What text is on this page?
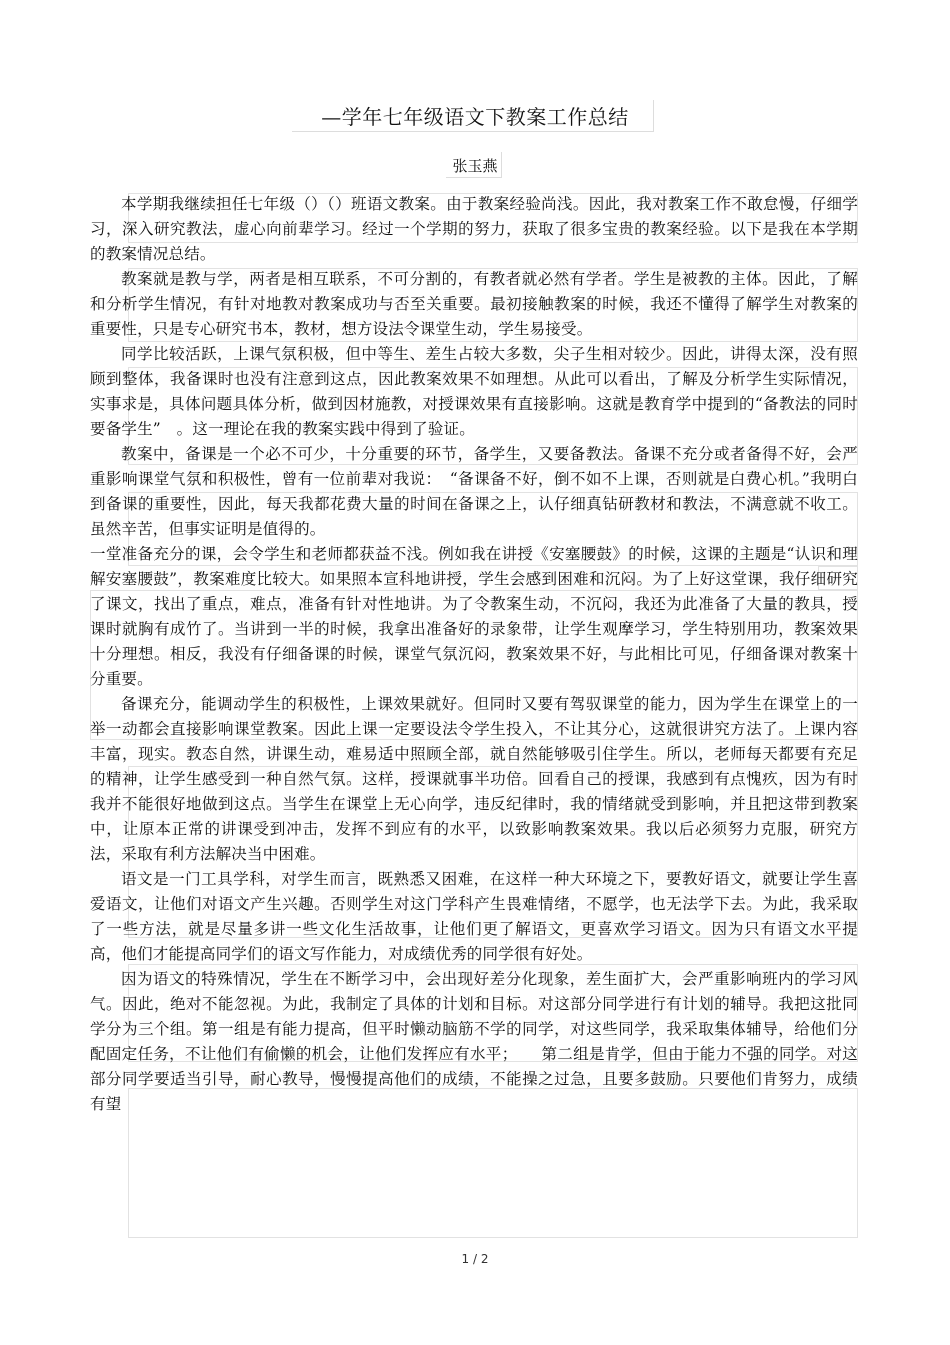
—学年七年级语文下教案工作总结
张玉燕

本学期我继续担任七年级（）（）班语文教案。由于教案经验尚浅。因此，我对教案工作不敢怠慢，仔细学习，深入研究教法，虚心向前辈学习。经过一个学期的努力，获取了很多宝贵的教案经验。以下是我在本学期的教案情况总结。

教案就是教与学，两者是相互联系，不可分割的，有教者就必然有学者。学生是被教的主体。因此，了解和分析学生情况，有针对地教对教案成功与否至关重要。最初接触教案的时候，我还不懂得了解学生对教案的重要性，只是专心研究书本，教材，想方设法令课堂生动，学生易接受。

同学比较活跃，上课气氛积极，但中等生、差生占较大多数，尖子生相对较少。因此，讲得太深，没有照顾到整体，我备课时也没有注意到这点，因此教案效果不如理想。从此可以看出，了解及分析学生实际情况，实事求是，具体问题具体分析，做到因材施教，对授课效果有直接影响。这就是教育学中提到的“备教法的同时要备学生”　。这一理论在我的教案实践中得到了验证。

教案中，备课是一个必不可少，十分重要的环节，备学生，又要备教法。备课不充分或者备得不好，会严重影响课堂气氛和积极性，曾有一位前辈对我说：　“备课备不好，倒不如不上课，否则就是白费心机。”我明白到备课的重要性，因此，每天我都花费大量的时间在备课之上，认仔细真钻研教材和教法，不满意就不收工。虽然辛苦，但事实证明是值得的。

一堂准备充分的课，会令学生和老师都获益不浅。例如我在讲授《安塞腰鼓》的时候，这课的主题是“认识和理解安塞腰鼓”，教案难度比较大。如果照本宣科地讲授，学生会感到困难和沉闷。为了上好这堂课，我仔细研究了课文，找出了重点，难点，准备有针对性地讲。为了令教案生动，不沉闷，我还为此准备了大量的教具，授课时就胸有成竹了。当讲到一半的时候，我拿出准备好的录象带，让学生观摩学习，学生特别用功，教案效果十分理想。相反，我没有仔细备课的时候，课堂气氛沉闷，教案效果不好，与此相比可见，仔细备课对教案十分重要。

备课充分，能调动学生的积极性，上课效果就好。但同时又要有驾驭课堂的能力，因为学生在课堂上的一举一动都会直接影响课堂教案。因此上课一定要设法令学生投入，不让其分心，这就很讲究方法了。上课内容丰富，现实。教态自然，讲课生动，难易适中照顾全部，就自然能够吸引住学生。所以，老师每天都要有充足的精神，让学生感受到一种自然气氛。这样，授课就事半功倍。回看自己的授课，我感到有点愧疚，因为有时我并不能很好地做到这点。当学生在课堂上无心向学，违反纪律时，我的情绪就受到影响，并且把这带到教案中，让原本正常的讲课受到冲击，发挥不到应有的水平，以致影响教案效果。我以后必须努力克服，研究方法，采取有利方法解决当中困难。

语文是一门工具学科，对学生而言，既熟悉又困难，在这样一种大环境之下，要教好语文，就要让学生喜爱语文，让他们对语文产生兴趣。否则学生对这门学科产生畏难情绪，不愿学，也无法学下去。为此，我采取了一些方法，就是尽量多讲一些文化生活故事，让他们更了解语文，更喜欢学习语文。因为只有语文水平提高，他们才能提高同学们的语文写作能力，对成绩优秀的同学很有好处。

因为语文的特殊情况，学生在不断学习中，会出现好差分化现象，差生面扩大，会严重影响班内的学习风气。因此，绝对不能忽视。为此，我制定了具体的计划和目标。对这部分同学进行有计划的辅导。我把这批同学分为三个组。第一组是有能力提高，但平时懒动脑筋不学的同学，对这些同学，我采取集体辅导，给他们分配固定任务，不让他们有偷懒的机会，让他们发挥应有水平；　　第二组是肯学，但由于能力不强的同学。对这部分同学要适当引导，耐心教导，慢慢提高他们的成绩，不能操之过急，且要多鼓励。只要他们肯努力，成绩有望

1 / 2
